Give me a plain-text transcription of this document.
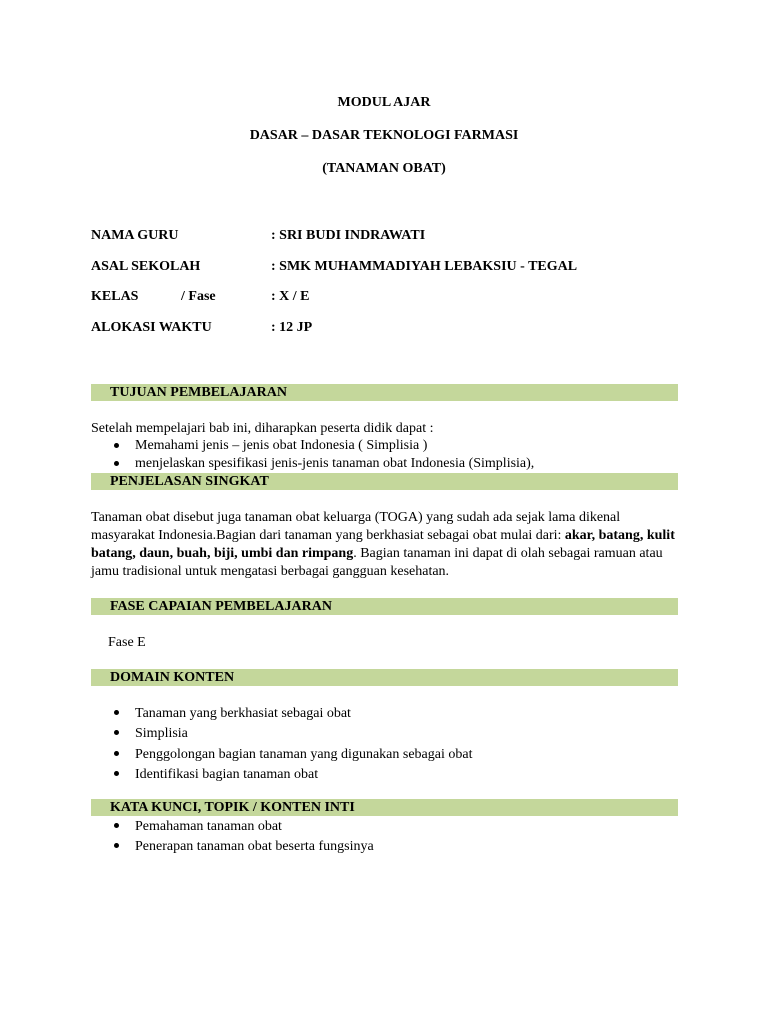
MODUL AJAR
DASAR – DASAR TEKNOLOGI FARMASI
(TANAMAN OBAT)
NAMA GURU	: SRI BUDI INDRAWATI
ASAL SEKOLAH	: SMK MUHAMMADIYAH LEBAKSIU - TEGAL
KELAS	/ Fase	: X / E
ALOKASI WAKTU	: 12 JP
TUJUAN PEMBELAJARAN
Setelah mempelajari bab ini, diharapkan peserta didik dapat :
Memahami jenis – jenis obat Indonesia ( Simplisia )
menjelaskan spesifikasi jenis-jenis tanaman obat Indonesia (Simplisia),
PENJELASAN SINGKAT
Tanaman obat disebut juga tanaman obat keluarga (TOGA) yang sudah ada sejak lama dikenal masyarakat Indonesia.Bagian dari tanaman yang berkhasiat sebagai obat mulai dari: akar, batang, kulit batang, daun, buah, biji, umbi dan rimpang. Bagian tanaman ini dapat di olah sebagai ramuan atau jamu tradisional untuk mengatasi berbagai gangguan kesehatan.
FASE CAPAIAN PEMBELAJARAN
Fase E
DOMAIN KONTEN
Tanaman yang berkhasiat sebagai obat
Simplisia
Penggolongan bagian tanaman yang digunakan sebagai obat
Identifikasi bagian tanaman obat
KATA KUNCI, TOPIK / KONTEN INTI
Pemahaman tanaman obat
Penerapan tanaman obat beserta fungsinya
